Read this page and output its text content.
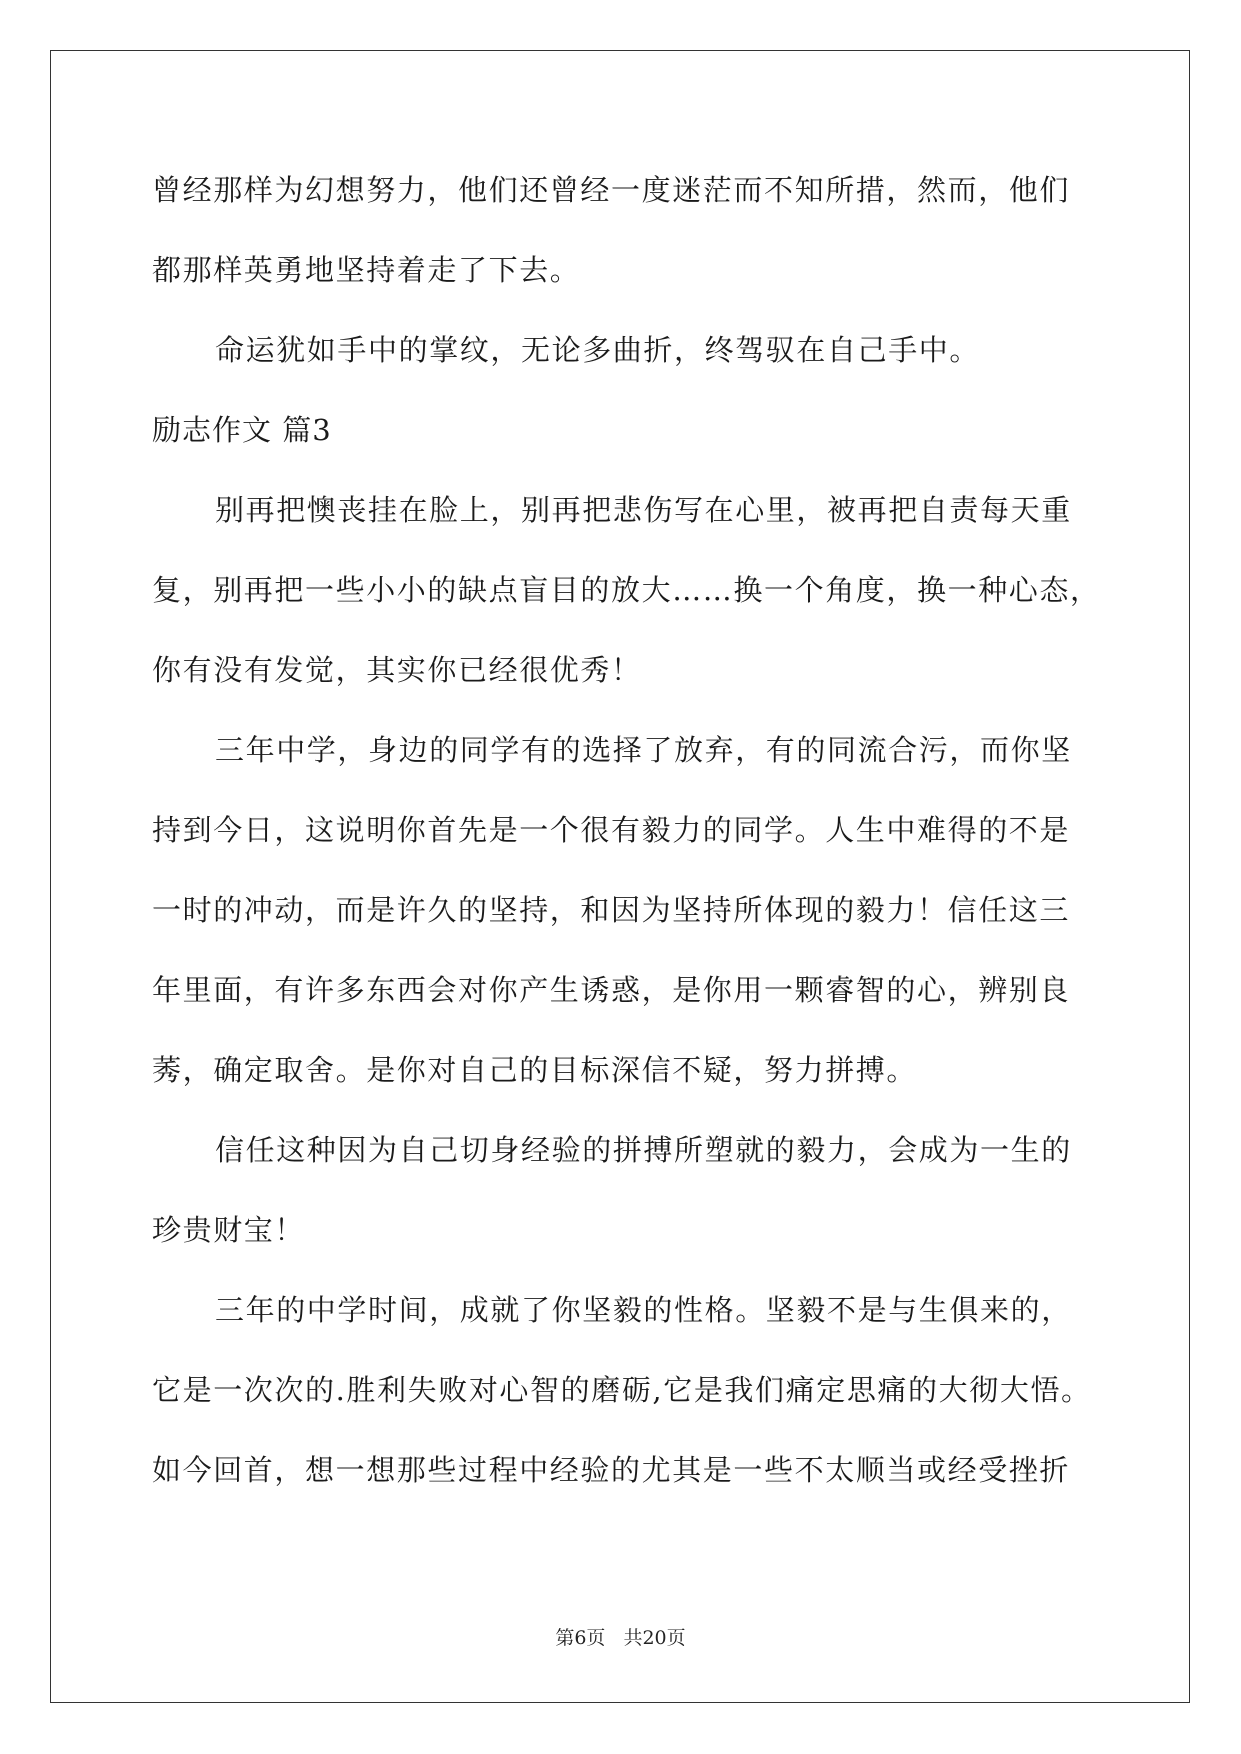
曾经那样为幻想努力，他们还曾经一度迷茫而不知所措，然而，他们
都那样英勇地坚持着走了下去。
命运犹如手中的掌纹，无论多曲折，终驾驭在自己手中。
励志作文 篇3
别再把懊丧挂在脸上，别再把悲伤写在心里，被再把自责每天重
复，别再把一些小小的缺点盲目的放大……换一个角度，换一种心态，
你有没有发觉，其实你已经很优秀！
三年中学，身边的同学有的选择了放弃，有的同流合污，而你坚
持到今日，这说明你首先是一个很有毅力的同学。人生中难得的不是
一时的冲动，而是许久的坚持，和因为坚持所体现的毅力！信任这三
年里面，有许多东西会对你产生诱惑，是你用一颗睿智的心，辨别良
莠，确定取舍。是你对自己的目标深信不疑，努力拼搏。
信任这种因为自己切身经验的拼搏所塑就的毅力，会成为一生的
珍贵财宝！
三年的中学时间，成就了你坚毅的性格。坚毅不是与生俱来的，
它是一次次的.胜利失败对心智的磨砺,它是我们痛定思痛的大彻大悟。
如今回首，想一想那些过程中经验的尤其是一些不太顺当或经受挫折
第6页 共20页
